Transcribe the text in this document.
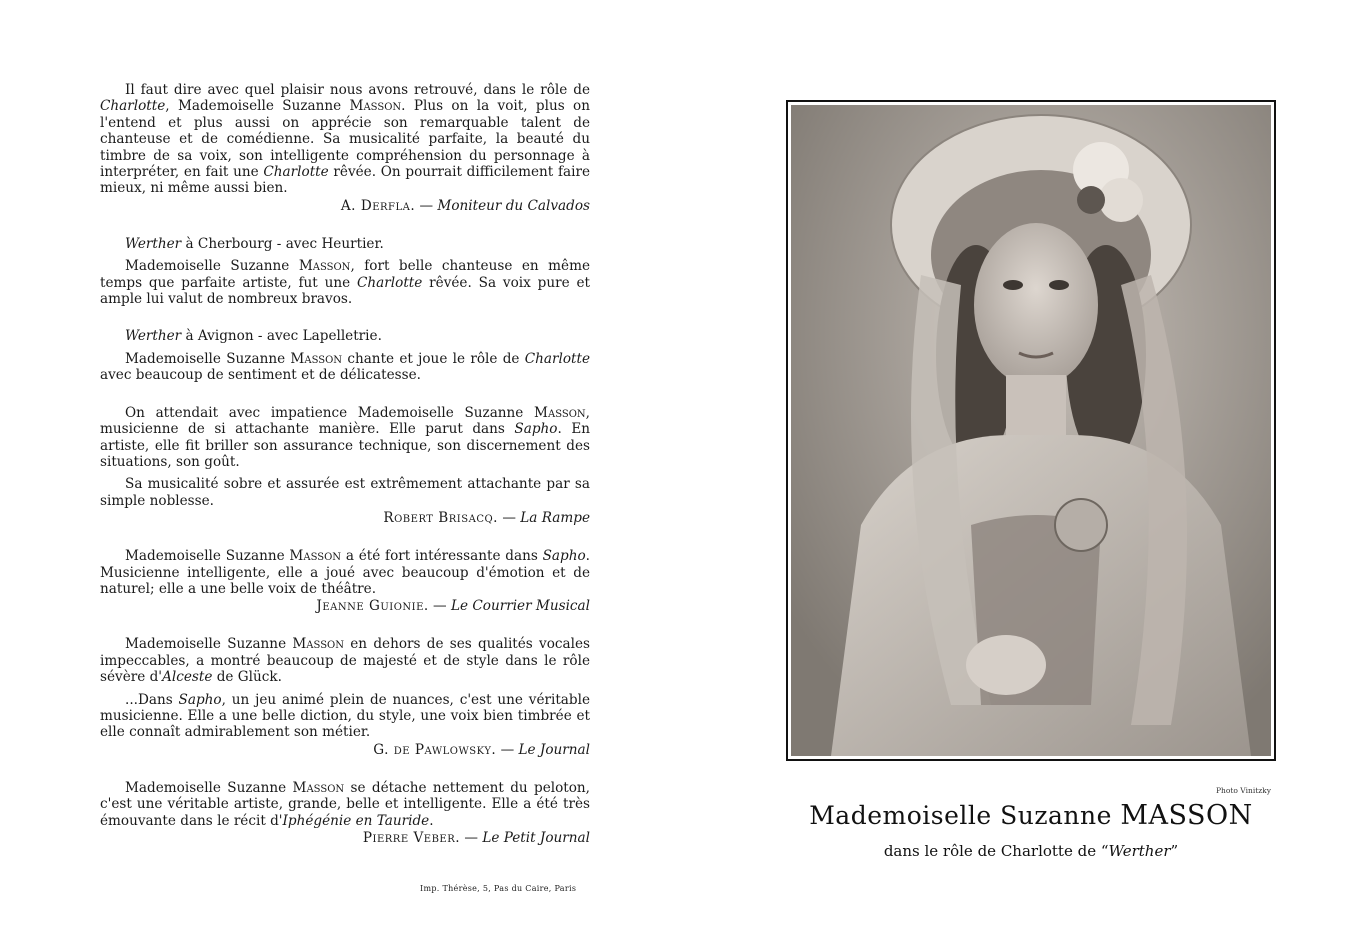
Il faut dire avec quel plaisir nous avons retrouvé, dans le rôle de Charlotte, Mademoiselle Suzanne Masson. Plus on la voit, plus on l'entend et plus aussi on apprécie son remarquable talent de chanteuse et de comédienne. Sa musicalité parfaite, la beauté du timbre de sa voix, son intelligente compréhension du personnage à interpréter, en fait une Charlotte rêvée. On pourrait difficilement faire mieux, ni même aussi bien.

A. Derfla. — Moniteur du Calvados

Werther à Cherbourg - avec Heurtier.

Mademoiselle Suzanne Masson, fort belle chanteuse en même temps que parfaite artiste, fut une Charlotte rêvée. Sa voix pure et ample lui valut de nombreux bravos.

Werther à Avignon - avec Lapelletrie.

Mademoiselle Suzanne Masson chante et joue le rôle de Charlotte avec beaucoup de sentiment et de délicatesse.

On attendait avec impatience Mademoiselle Suzanne Masson, musicienne de si attachante manière. Elle parut dans Sapho. En artiste, elle fit briller son assurance technique, son discernement des situations, son goût.

Sa musicalité sobre et assurée est extrêmement attachante par sa simple noblesse.

Robert Brisacq. — La Rampe

Mademoiselle Suzanne Masson a été fort intéressante dans Sapho. Musicienne intelligente, elle a joué avec beaucoup d'émotion et de naturel; elle a une belle voix de théâtre.

Jeanne Guionie. — Le Courrier Musical

Mademoiselle Suzanne Masson en dehors de ses qualités vocales impeccables, a montré beaucoup de majesté et de style dans le rôle sévère d'Alceste de Glück.

...Dans Sapho, un jeu animé plein de nuances, c'est une véritable musicienne. Elle a une belle diction, du style, une voix bien timbrée et elle connaît admirablement son métier.

G. de Pawlowsky. — Le Journal

Mademoiselle Suzanne Masson se détache nettement du peloton, c'est une véritable artiste, grande, belle et intelligente. Elle a été très émouvante dans le récit d'Iphégénie en Tauride.

Pierre Veber. — Le Petit Journal

Imp. Thérèse, 5, Pas du Caire, Paris
Photo Vinitzky
Mademoiselle Suzanne MASSON
dans le rôle de Charlotte de “Werther”
